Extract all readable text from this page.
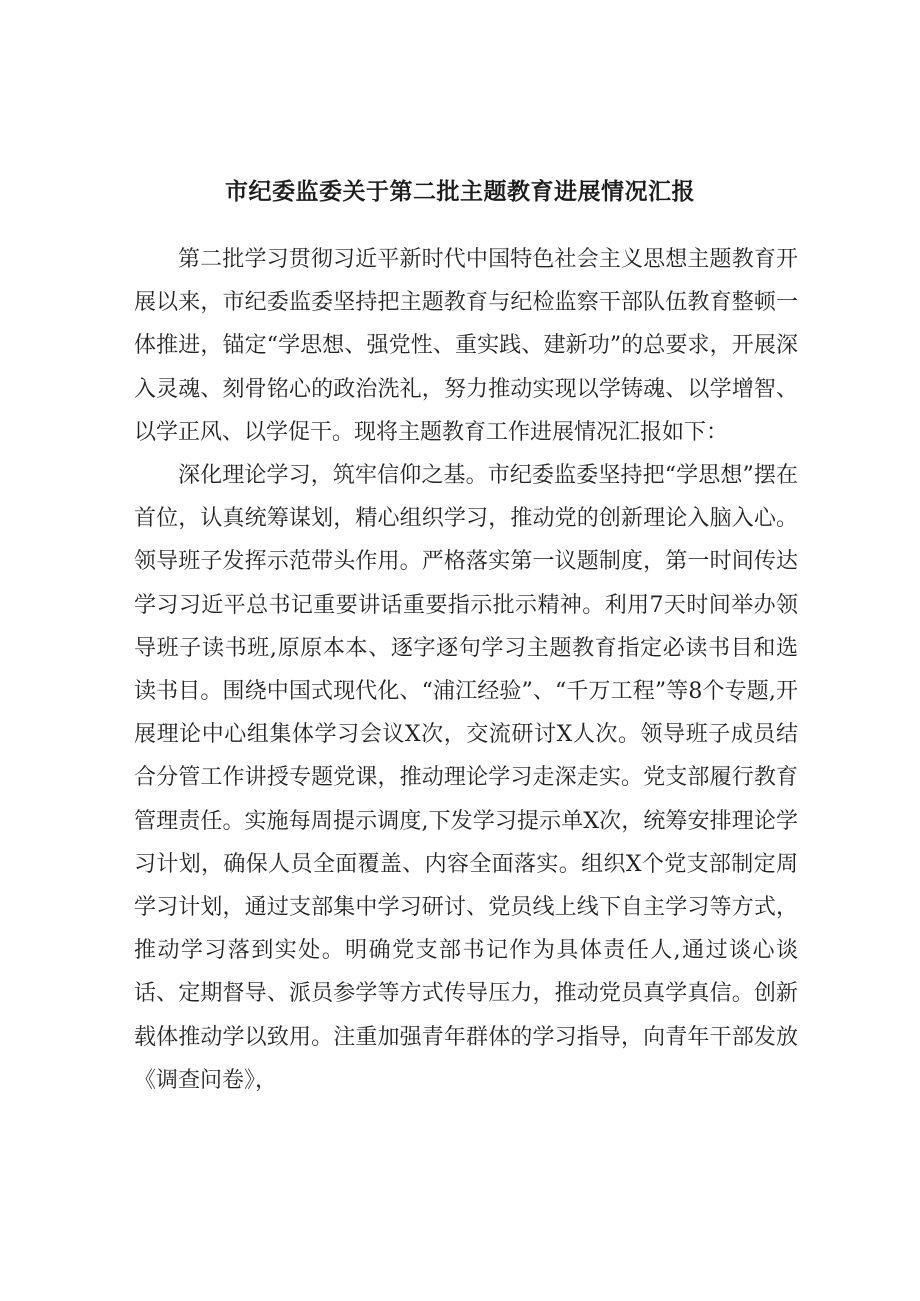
市纪委监委关于第二批主题教育进展情况汇报

第二批学习贯彻习近平新时代中国特色社会主义思想主题教育开展以来，市纪委监委坚持把主题教育与纪检监察干部队伍教育整顿一体推进，锚定“学思想、强党性、重实践、建新功”的总要求，开展深入灵魂、刻骨铭心的政治洗礼，努力推动实现以学铸魂、以学增智、以学正风、以学促干。现将主题教育工作进展情况汇报如下：

深化理论学习，筑牢信仰之基。市纪委监委坚持把“学思想”摆在首位，认真统筹谋划，精心组织学习，推动党的创新理论入脑入心。领导班子发挥示范带头作用。严格落实第一议题制度，第一时间传达学习习近平总书记重要讲话重要指示批示精神。利用7天时间举办领导班子读书班,原原本本、逐字逐句学习主题教育指定必读书目和选读书目。围绕中国式现代化、“浦江经验”、“千万工程”等8个专题,开展理论中心组集体学习会议X次，交流研讨X人次。领导班子成员结合分管工作讲授专题党课，推动理论学习走深走实。党支部履行教育管理责任。实施每周提示调度,下发学习提示单X次，统筹安排理论学习计划，确保人员全面覆盖、内容全面落实。组织X个党支部制定周学习计划，通过支部集中学习研讨、党员线上线下自主学习等方式，推动学习落到实处。明确党支部书记作为具体责任人,通过谈心谈话、定期督导、派员参学等方式传导压力，推动党员真学真信。创新载体推动学以致用。注重加强青年群体的学习指导，向青年干部发放《调查问卷》，
